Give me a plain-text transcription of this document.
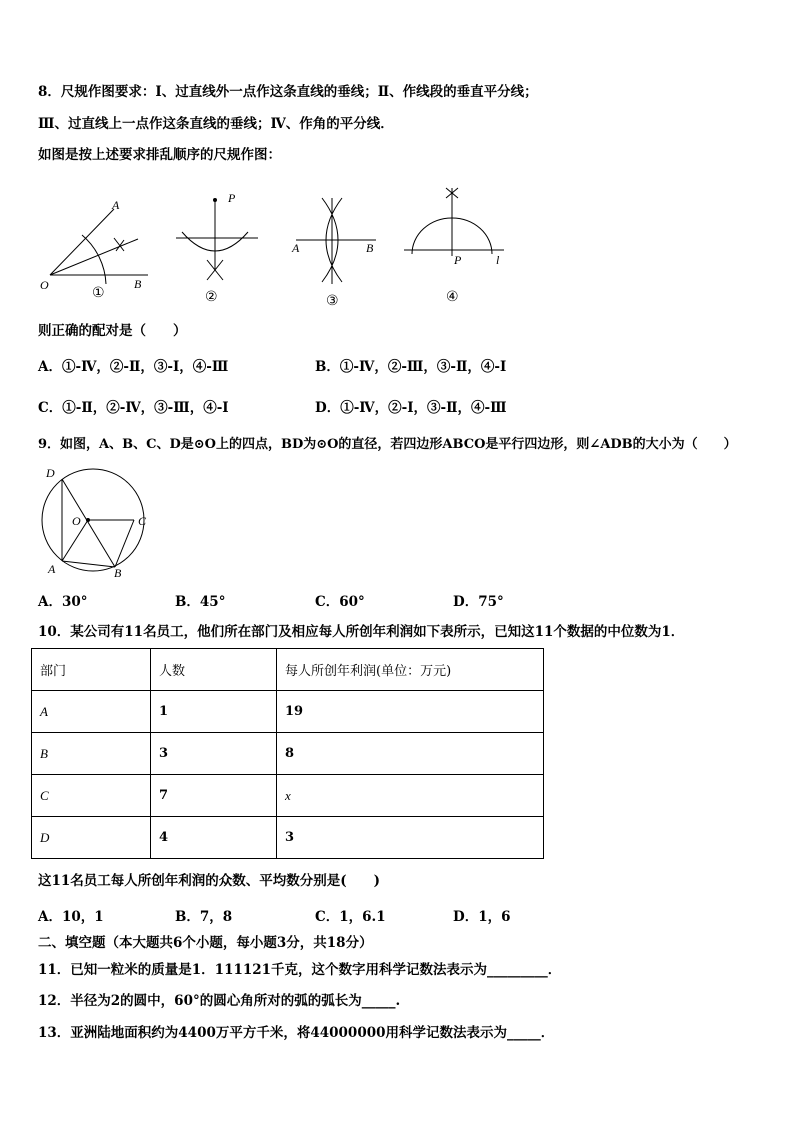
8．尺规作图要求：Ⅰ、过直线外一点作这条直线的垂线；Ⅱ、作线段的垂直平分线；
Ⅲ、过直线上一点作这条直线的垂线；Ⅳ、作角的平分线．
如图是按上述要求排乱顺序的尺规作图：
A
O	B
①
P
②
A	B
③
P	l
④
则正确的配对是（　　）
A．①-Ⅳ，②-Ⅱ，③-Ⅰ，④-Ⅲ	B．①-Ⅳ，②-Ⅲ，③-Ⅱ，④-Ⅰ
C．①-Ⅱ，②-Ⅳ，③-Ⅲ，④-Ⅰ	D．①-Ⅳ，②-Ⅰ，③-Ⅱ，④-Ⅲ
9．如图，A、B、C、D是⊙O上的四点，BD为⊙O的直径，若四边形ABCO是平行四边形，则∠ADB的大小为（　　）
D
O	C
A	B
A．30°	B．45°	C．60°	D．75°
10．某公司有11名员工，他们所在部门及相应每人所创年利润如下表所示，已知这11个数据的中位数为1．
部门	人数	每人所创年利润(单位：万元)
A	1	19
B	3	8
C	7	x
D	4	3
这11名员工每人所创年利润的众数、平均数分别是(　　)
A．10，1	B．7，8	C．1，6.1	D．1，6
二、填空题（本大题共6个小题，每小题3分，共18分）
11．已知一粒米的质量是1．111121千克，这个数字用科学记数法表示为_________．
12．半径为2的圆中，60°的圆心角所对的弧的弧长为_____.
13．亚洲陆地面积约为4400万平方千米，将44000000用科学记数法表示为_____．
